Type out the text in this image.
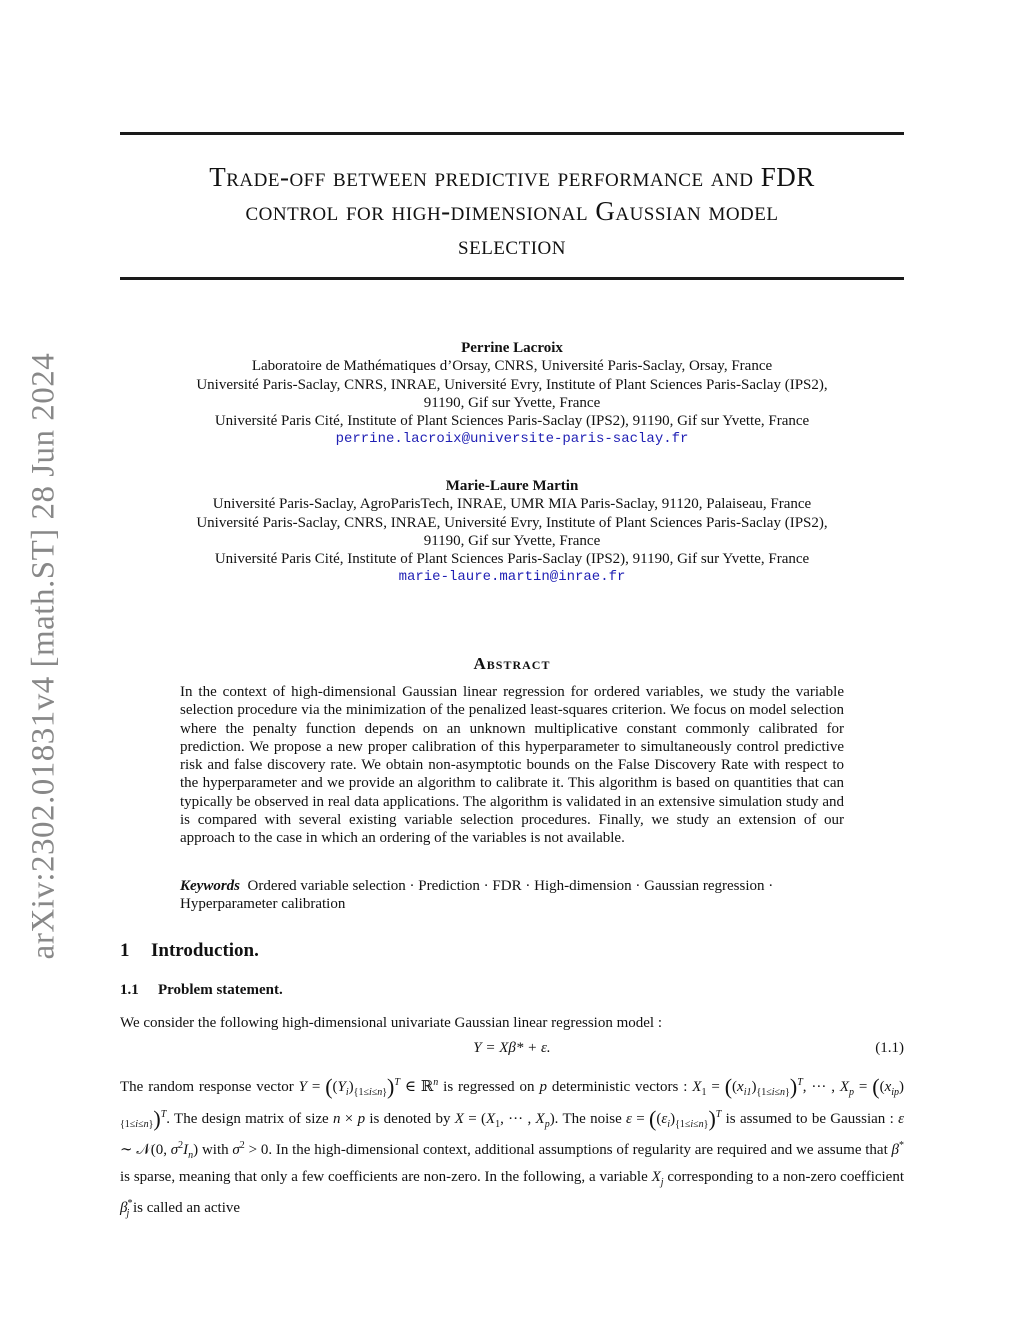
Trade-off between predictive performance and FDR
control for high-dimensional Gaussian model
selection
arXiv:2302.01831v4 [math.ST] 28 Jun 2024
Perrine Lacroix
Laboratoire de Mathématiques d’Orsay, CNRS, Université Paris-Saclay, Orsay, France
Université Paris-Saclay, CNRS, INRAE, Université Evry, Institute of Plant Sciences Paris-Saclay (IPS2),
91190, Gif sur Yvette, France
Université Paris Cité, Institute of Plant Sciences Paris-Saclay (IPS2), 91190, Gif sur Yvette, France
perrine.lacroix@universite-paris-saclay.fr
Marie-Laure Martin
Université Paris-Saclay, AgroParisTech, INRAE, UMR MIA Paris-Saclay, 91120, Palaiseau, France
Université Paris-Saclay, CNRS, INRAE, Université Evry, Institute of Plant Sciences Paris-Saclay (IPS2),
91190, Gif sur Yvette, France
Université Paris Cité, Institute of Plant Sciences Paris-Saclay (IPS2), 91190, Gif sur Yvette, France
marie-laure.martin@inrae.fr
Abstract
In the context of high-dimensional Gaussian linear regression for ordered variables, we study the variable selection procedure via the minimization of the penalized least-squares criterion. We focus on model selection where the penalty function depends on an unknown multiplicative constant commonly calibrated for prediction. We propose a new proper calibration of this hyperparameter to simultaneously control predictive risk and false discovery rate. We obtain non-asymptotic bounds on the False Discovery Rate with respect to the hyperparameter and we provide an algorithm to calibrate it. This algorithm is based on quantities that can typically be observed in real data applications. The algorithm is validated in an extensive simulation study and is compared with several existing variable selection procedures. Finally, we study an extension of our approach to the case in which an ordering of the variables is not available.
Keywords Ordered variable selection · Prediction · FDR · High-dimension · Gaussian regression · Hyperparameter calibration
1 Introduction.
1.1 Problem statement.
We consider the following high-dimensional univariate Gaussian linear regression model :
Y = Xβ* + ε.	(1.1)
The random response vector $Y = ((Y_i)_{\{1\le i\le n\}})^T$ ∈ ℝ$^n$ is regressed on p deterministic vectors : $X_1 = ((x_{i1})_{\{1\le i\le n\}})^T$, ··· , $X_p = ((x_{ip})_{\{1\le i\le n\}})^T$. The design matrix of size n × p is denoted by $X = (X_1$, ··· , $X_p$). The noise $\varepsilon = ((\varepsilon_i)_{\{1\le i\le n\}})^T$ is assumed to be Gaussian : ε ∼ 𝒩(0, $\sigma^2I_n$) with $\sigma^2 > 0$. In the high-dimensional context, additional assumptions of regularity are required and we assume that β* is sparse, meaning that only a few coefficients are non-zero. In the following, a variable $X_j$ corresponding to a non-zero coefficient $\beta^*_j$ is called an active
